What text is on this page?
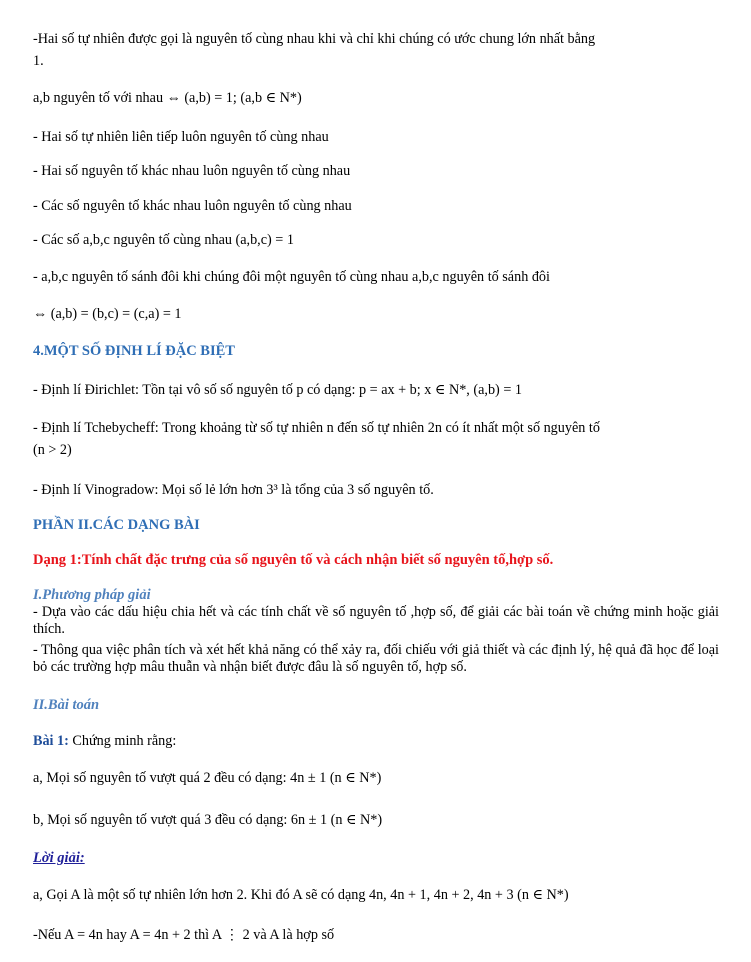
-Hai số tự nhiên được gọi là nguyên tố cùng nhau khi và chỉ khi chúng có ước chung lớn nhất bằng
1.
a,b nguyên tố với nhau ⇔ (a,b) = 1; (a,b ∈ N*)
- Hai số tự nhiên liên tiếp luôn nguyên tố cùng nhau
- Hai số nguyên tố khác nhau luôn nguyên tố cùng nhau
- Các số nguyên tố khác nhau luôn nguyên tố cùng nhau
- Các số a,b,c nguyên tố cùng nhau (a,b,c) = 1
- a,b,c nguyên tố sánh đôi khi chúng đôi một nguyên tố cùng nhau a,b,c nguyên tố sánh đôi
⇔ (a,b) = (b,c) = (c,a) = 1
4.MỘT SỐ ĐỊNH LÍ ĐẶC BIỆT
- Định lí Đirichlet: Tồn tại vô số số nguyên tố p có dạng: p = ax + b; x ∈ N*, (a,b) = 1
- Định lí Tchebycheff: Trong khoảng từ số tự nhiên n đến số tự nhiên 2n có ít nhất một số nguyên tố
(n > 2)
- Định lí Vinogradow: Mọi số lẻ lớn hơn 3³ là tổng của 3 số nguyên tố.
PHẦN II.CÁC DẠNG BÀI
Dạng 1:Tính chất đặc trưng của số nguyên tố và cách nhận biết số nguyên tố,hợp số.
I.Phương pháp giải
- Dựa vào các dấu hiệu chia hết và các tính chất về số nguyên tố ,hợp số, để giải các bài toán về chứng minh hoặc giải thích.
- Thông qua việc phân tích và xét hết khả năng có thể xảy ra, đối chiếu với giả thiết và các định lý, hệ quả đã học để loại bỏ các trường hợp mâu thuẫn và nhận biết được đâu là số nguyên tố, hợp số.
II.Bài toán
Bài 1: Chứng minh rằng:
a, Mọi số nguyên tố vượt quá 2 đều có dạng: 4n ± 1 (n ∈ N*)
b, Mọi số nguyên tố vượt quá 3 đều có dạng: 6n ± 1 (n ∈ N*)
Lời giải:
a, Gọi A là một số tự nhiên lớn hơn 2. Khi đó A sẽ có dạng 4n, 4n + 1, 4n + 2, 4n + 3 (n ∈ N*)
-Nếu A = 4n hay A = 4n + 2 thì A ⋮ 2 và A là hợp số
